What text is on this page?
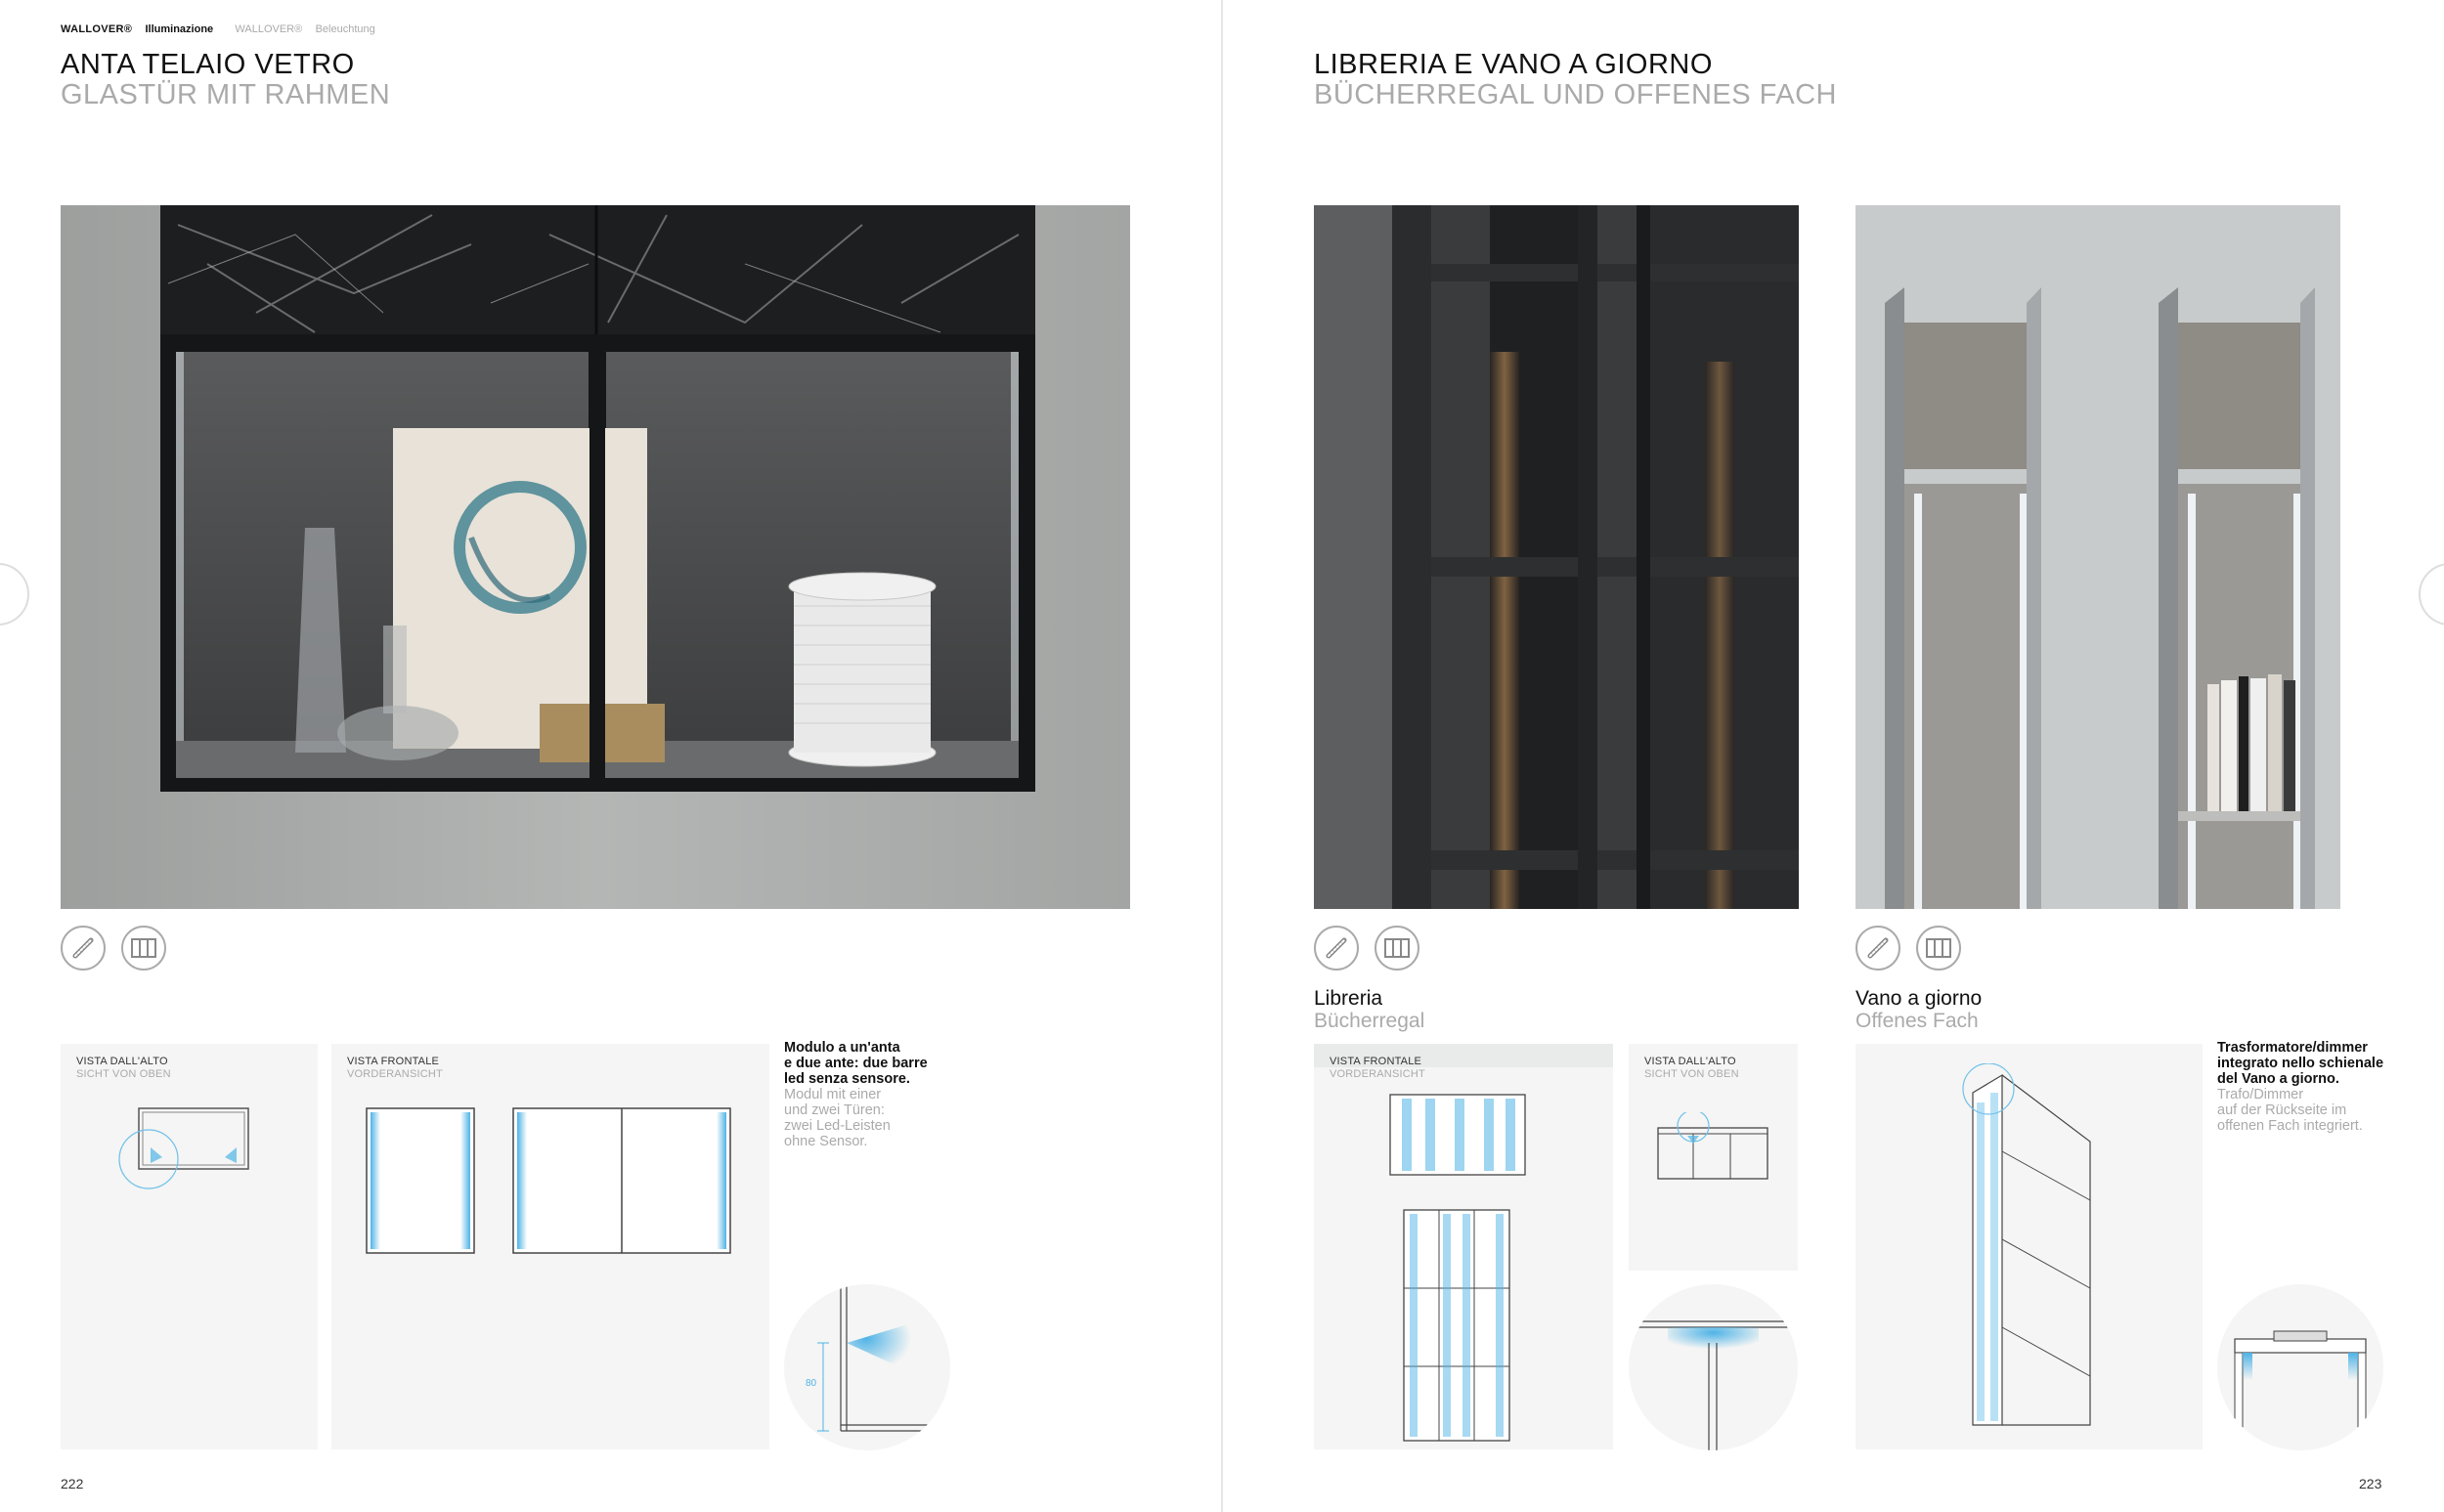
WALLOVER® Illuminazione WALLOVER® Beleuchtung
ANTA TELAIO VETRO
GLASTÜR MIT RAHMEN
VISTA DALL'ALTO
SICHT VON OBEN
VISTA FRONTALE
VORDERANSICHT
Modulo a un'anta
e due ante: due barre
led senza sensore.
Modul mit einer
und zwei Türen:
zwei Led-Leisten
ohne Sensor.
80
222
LIBRERIA E VANO A GIORNO
BÜCHERREGAL UND OFFENES FACH
Libreria
Bücherregal
Vano a giorno
Offenes Fach
VISTA FRONTALE
VORDERANSICHT
VISTA DALL'ALTO
SICHT VON OBEN
Trasformatore/dimmer
integrato nello schienale
del Vano a giorno.
Trafo/Dimmer
auf der Rückseite im
offenen Fach integriert.
223
